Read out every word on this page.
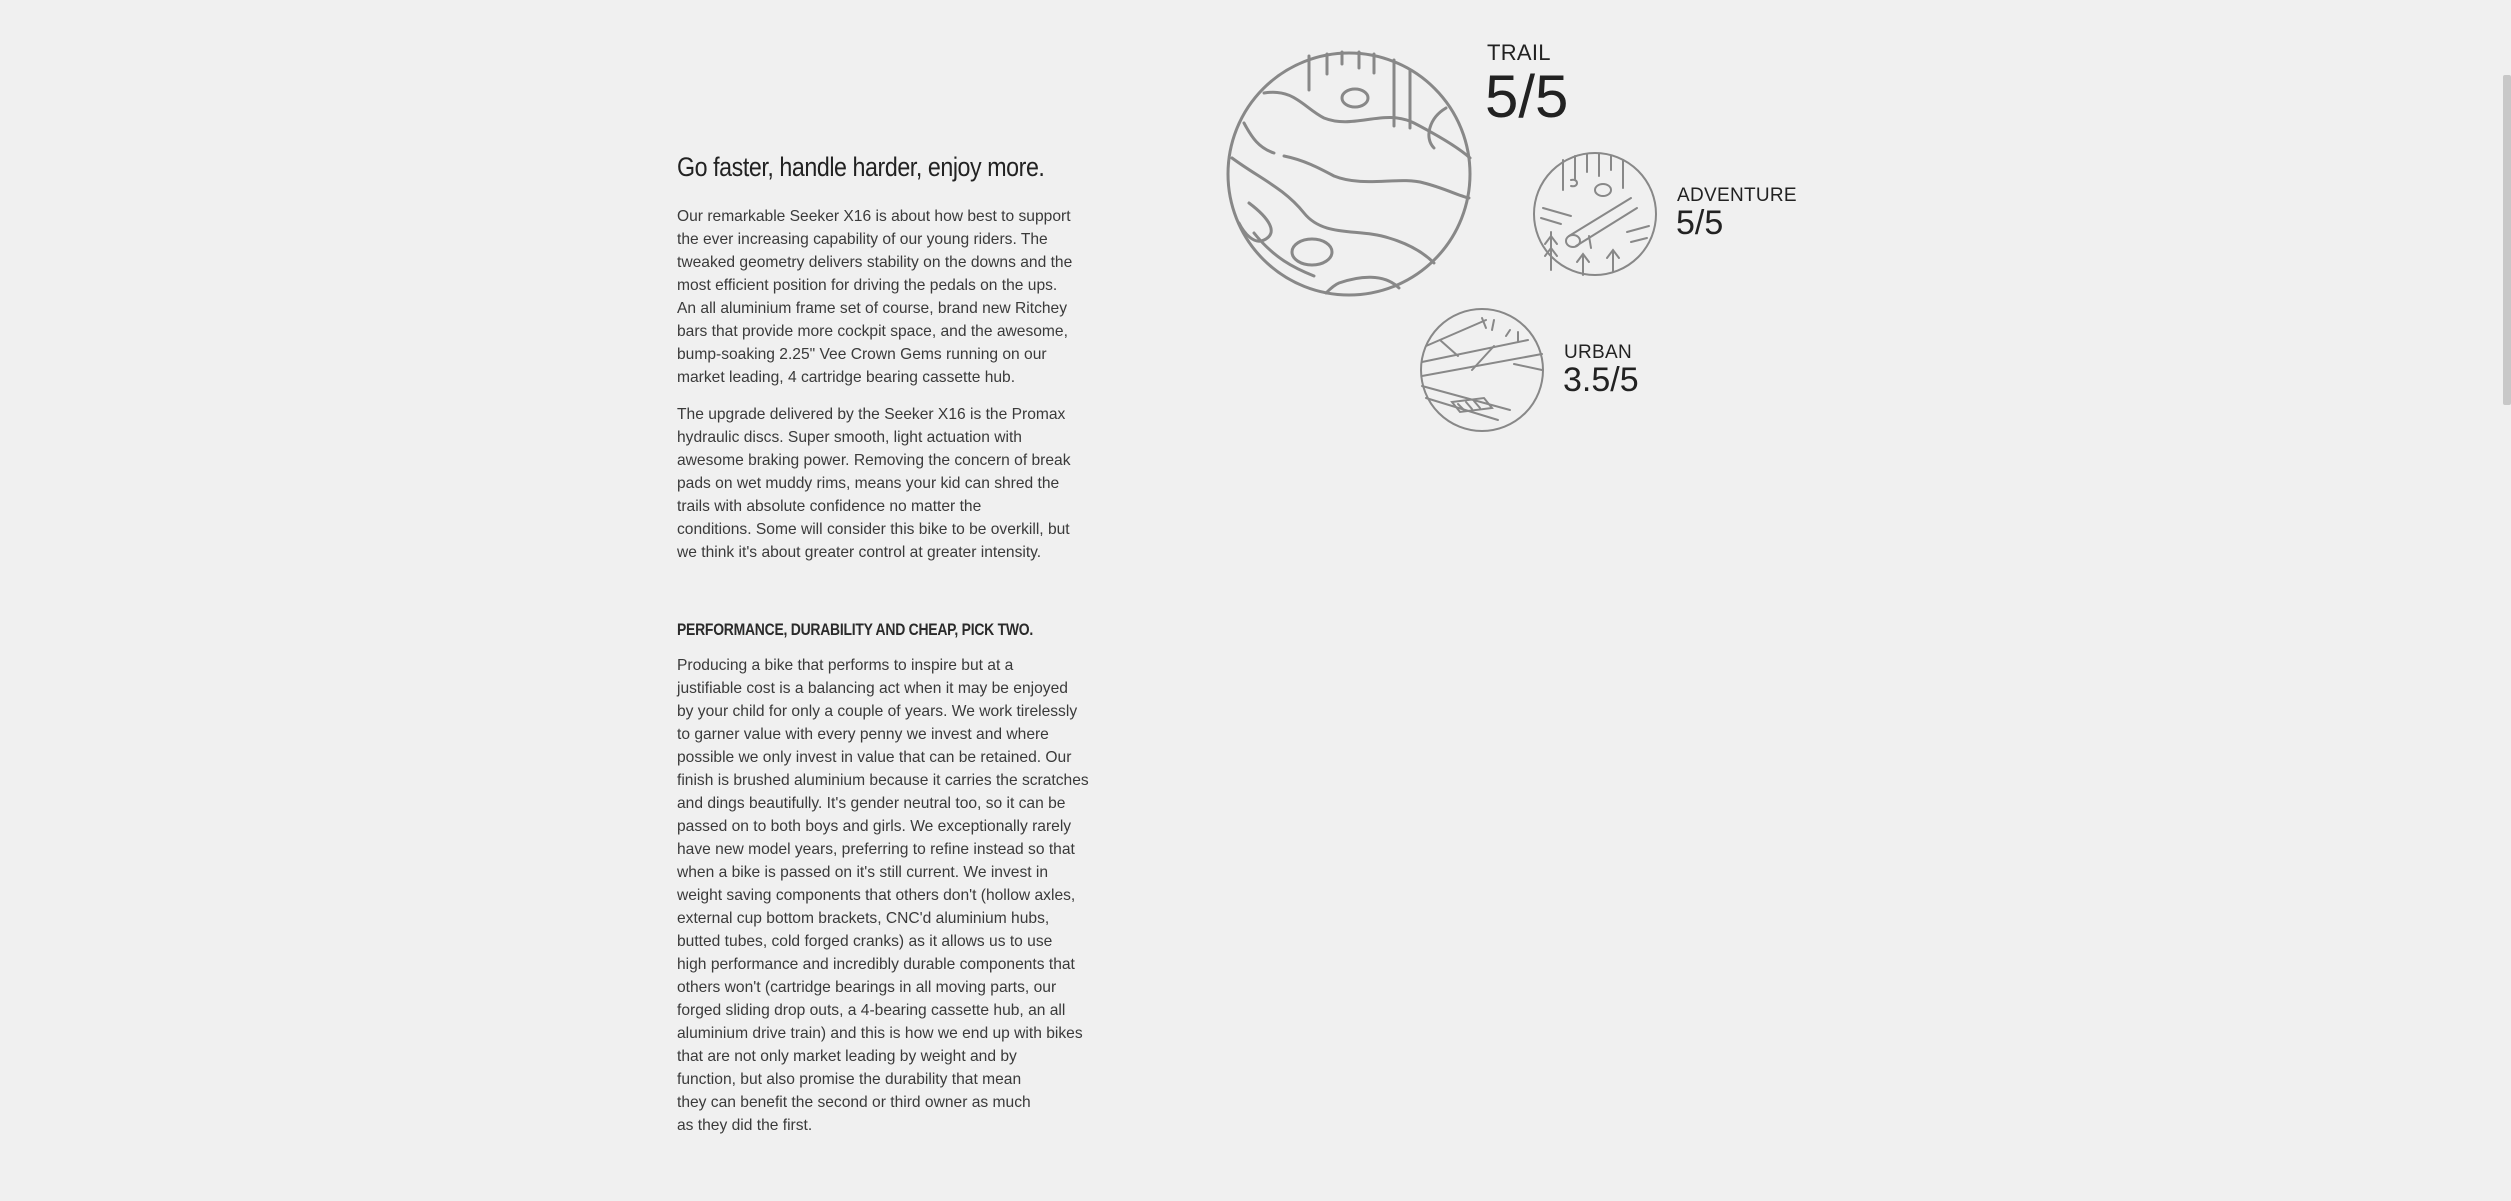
Go faster, handle harder, enjoy more.

Our remarkable Seeker X16 is about how best to support
the ever increasing capability of our young riders. The
tweaked geometry delivers stability on the downs and the
most efficient position for driving the pedals on the ups.
An all aluminium frame set of course, brand new Ritchey
bars that provide more cockpit space, and the awesome,
bump-soaking 2.25" Vee Crown Gems running on our
market leading, 4 cartridge bearing cassette hub.

The upgrade delivered by the Seeker X16 is the Promax
hydraulic discs. Super smooth, light actuation with
awesome braking power. Removing the concern of break
pads on wet muddy rims, means your kid can shred the
trails with absolute confidence no matter the
conditions. Some will consider this bike to be overkill, but
we think it's about greater control at greater intensity.

PERFORMANCE, DURABILITY AND CHEAP, PICK TWO.

Producing a bike that performs to inspire but at a
justifiable cost is a balancing act when it may be enjoyed
by your child for only a couple of years. We work tirelessly
to garner value with every penny we invest and where
possible we only invest in value that can be retained. Our
finish is brushed aluminium because it carries the scratches
and dings beautifully. It's gender neutral too, so it can be
passed on to both boys and girls. We exceptionally rarely
have new model years, preferring to refine instead so that
when a bike is passed on it's still current. We invest in
weight saving components that others don't (hollow axles,
external cup bottom brackets, CNC'd aluminium hubs,
butted tubes, cold forged cranks) as it allows us to use
high performance and incredibly durable components that
others won't (cartridge bearings in all moving parts, our
forged sliding drop outs, a 4-bearing cassette hub, an all
aluminium drive train) and this is how we end up with bikes
that are not only market leading by weight and by
function, but also promise the durability that mean
they can benefit the second or third owner as much
as they did the first.

TRAIL
5/5
ADVENTURE
5/5
URBAN
3.5/5
